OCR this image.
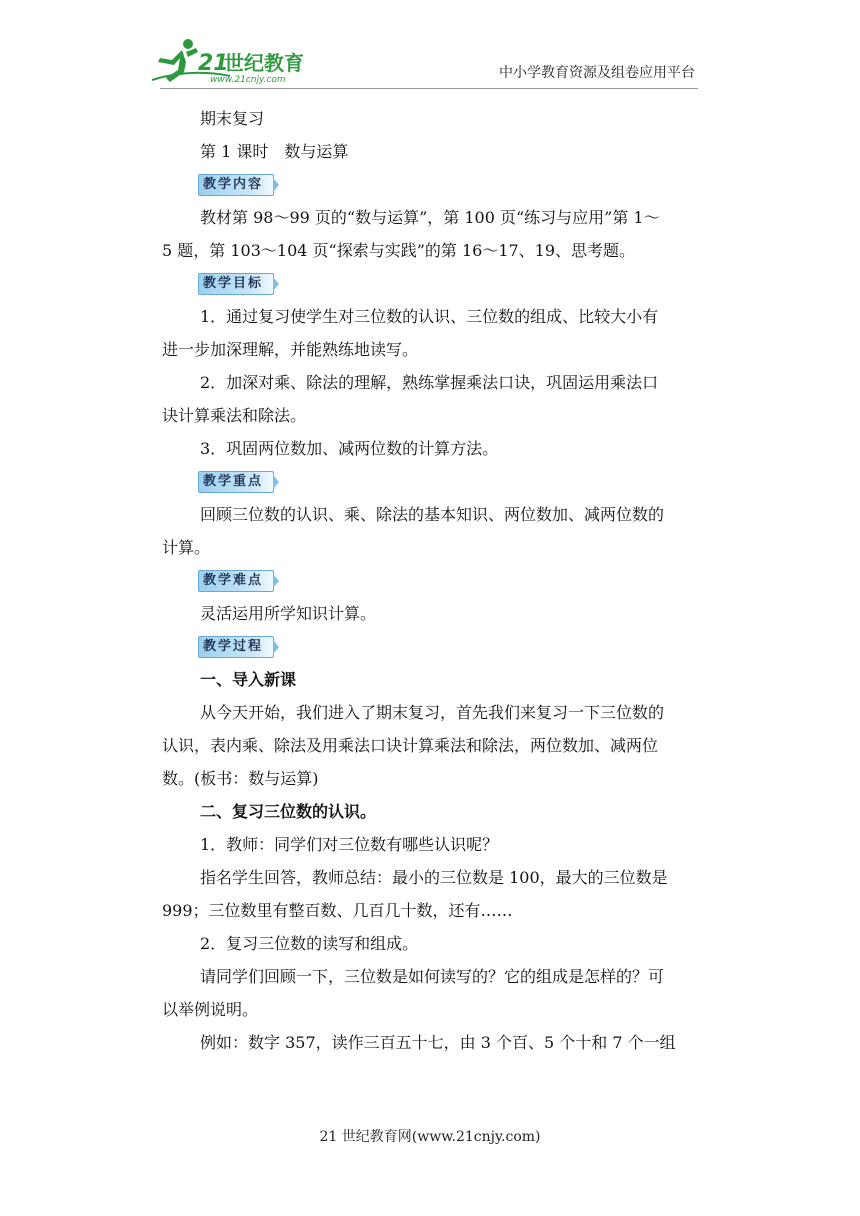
21
世纪教育
www.21cnjy.com	中小学教育资源及组卷应用平台

期末复习

第 1 课时　数与运算

教学内容

教材第 98～99 页的“数与运算”，第 100 页“练习与应用”第 1～

5 题，第 103～104 页“探索与实践”的第 16～17、19、思考题。

教学目标

1．通过复习使学生对三位数的认识、三位数的组成、比较大小有

进一步加深理解，并能熟练地读写。

2．加深对乘、除法的理解，熟练掌握乘法口诀，巩固运用乘法口

诀计算乘法和除法。

3．巩固两位数加、减两位数的计算方法。

教学重点

回顾三位数的认识、乘、除法的基本知识、两位数加、减两位数的

计算。

教学难点

灵活运用所学知识计算。

教学过程

一、导入新课

从今天开始，我们进入了期末复习，首先我们来复习一下三位数的

认识，表内乘、除法及用乘法口诀计算乘法和除法，两位数加、减两位

数。(板书：数与运算)

二、复习三位数的认识。

1．教师：同学们对三位数有哪些认识呢？

指名学生回答，教师总结：最小的三位数是 100，最大的三位数是

999；三位数里有整百数、几百几十数，还有……

2．复习三位数的读写和组成。

请同学们回顾一下，三位数是如何读写的？它的组成是怎样的？可

以举例说明。

例如：数字 357，读作三百五十七，由 3 个百、5 个十和 7 个一组

21 世纪教育网(www.21cnjy.com)
